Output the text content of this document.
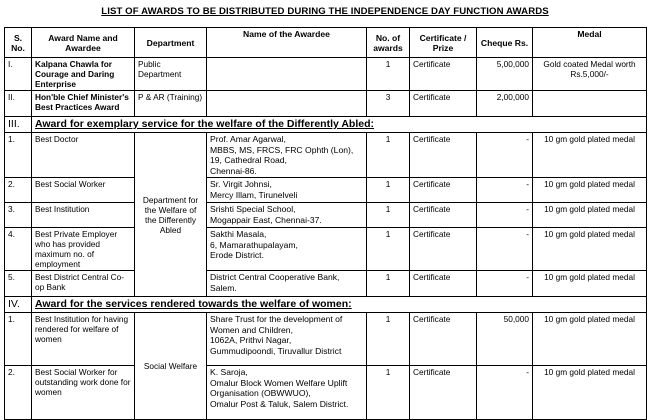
LIST OF AWARDS TO BE DISTRIBUTED DURING THE INDEPENDENCE DAY FUNCTION AWARDS
S. No.	Award Name and Awardee	Department	Name of the Awardee	No. of awards	Certificate / Prize	Cheque Rs.	Medal
I.	Kalpana Chawla for Courage and Daring Enterprise	Public Department		1	Certificate	5,00,000	Gold coated Medal worth Rs.5,000/-
II.	Hon'ble Chief Minister's Best Practices Award	P & AR (Training)		3	Certificate	2,00,000	
III.	Award for exemplary service for the welfare of the Differently Abled:						
1.	Best Doctor	Department for the Welfare of the Differently Abled	Prof. Amar Agarwal,
MBBS, MS, FRCS, FRC Ophth (Lon),
19, Cathedral Road,
Chennai-86.	1	Certificate	-	10 gm gold plated medal
2.	Best Social Worker		Sr. Virgit Johnsi,
Mercy Illam, Tirunelveli	1	Certificate	-	10 gm gold plated medal
3.	Best Institution		Srishti Special School,
Mogappair East, Chennai-37.	1	Certificate	-	10 gm gold plated medal
4.	Best Private Employer who has provided maximum no. of employment		Sakthi Masala,
6, Mamarathupalayam,
Erode District.	1	Certificate	-	10 gm gold plated medal
5.	Best District Central Co-op Bank		District Central Cooperative Bank,
Salem.	1	Certificate	-	10 gm gold plated medal
IV.	Award for the services rendered towards the welfare of women:						
1.	Best Institution for having rendered for welfare of women	Social Welfare	Share Trust for the development of
Women and Children,
1062A, Prithvi Nagar,
Gummudipoondi, Tiruvallur District	1	Certificate	50,000	10 gm gold plated medal
2.	Best Social Worker for outstanding work done for women		K. Saroja,
Omalur Block Women Welfare Uplift
Organisation (OBWWUO),
Omalur Post & Taluk, Salem District.	1	Certificate	-	10 gm gold plated medal
